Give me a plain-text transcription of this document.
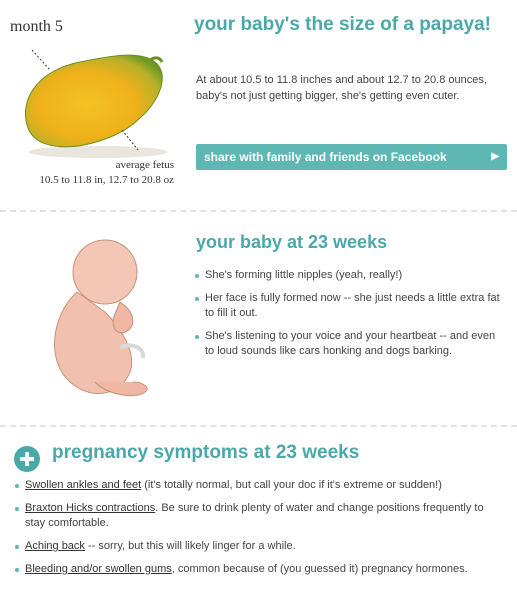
month 5
average fetus
10.5 to 11.8 in, 12.7 to 20.8 oz
your baby's the size of a papaya!
At about 10.5 to 11.8 inches and about 12.7 to 20.8 ounces, baby's not just getting bigger, she's getting even cuter.
share with family and friends on Facebook	▶
your baby at 23 weeks
She's forming little nipples (yeah, really!)
Her face is fully formed now -- she just needs a little extra fat to fill it out.
She's listening to your voice and your heartbeat -- and even to loud sounds like cars honking and dogs barking.
pregnancy symptoms at 23 weeks
Swollen ankles and feet (it's totally normal, but call your doc if it's extreme or sudden!)
Braxton Hicks contractions. Be sure to drink plenty of water and change positions frequently to stay comfortable.
Aching back -- sorry, but this will likely linger for a while.
Bleeding and/or swollen gums, common because of (you guessed it) pregnancy hormones.
